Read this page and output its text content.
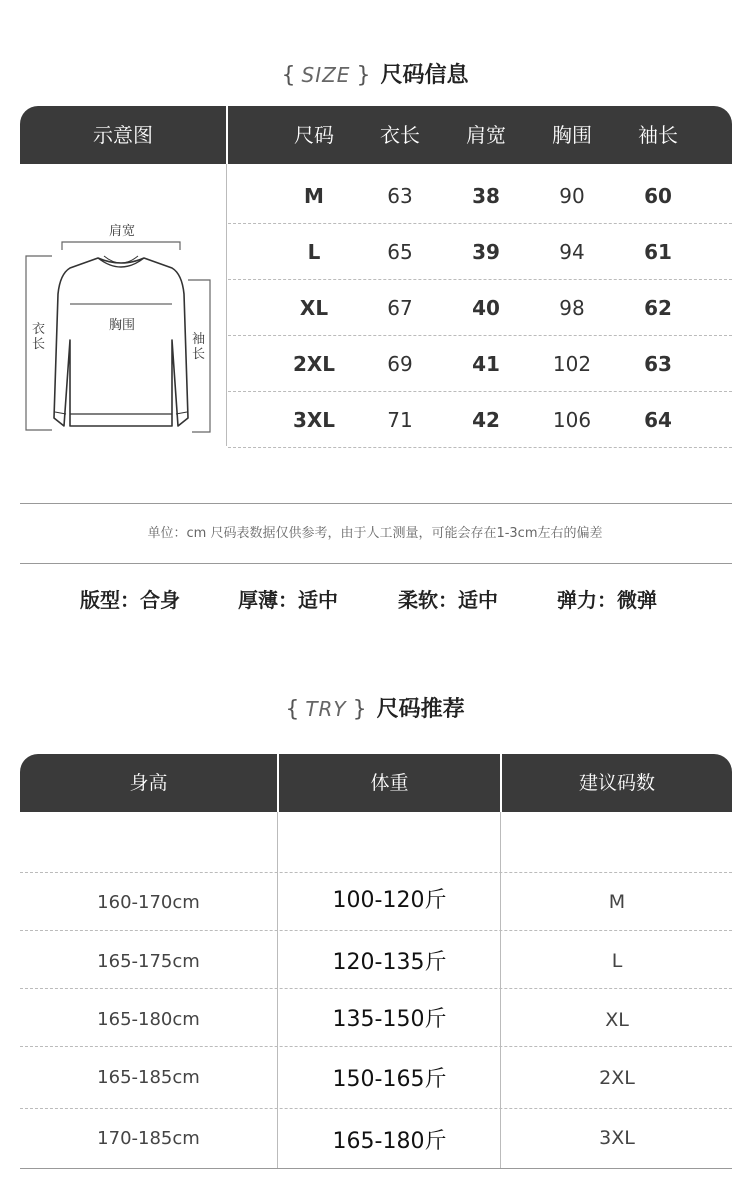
{ SIZE } 尺码信息
示意图	尺码	衣长	肩宽	胸围	袖长
肩宽
胸围
衣长	袖长
M	63	38	90	60
L	65	39	94	61
XL	67	40	98	62
2XL	69	41	102	63
3XL	71	42	106	64
单位：cm 尺码表数据仅供参考，由于人工测量，可能会存在1-3cm左右的偏差
版型：合身	厚薄：适中	柔软：适中	弹力：微弹
{ TRY } 尺码推荐
身高	体重	建议码数
160-170cm	100-120斤	M
165-175cm	120-135斤	L
165-180cm	135-150斤	XL
165-185cm	150-165斤	2XL
170-185cm	165-180斤	3XL
